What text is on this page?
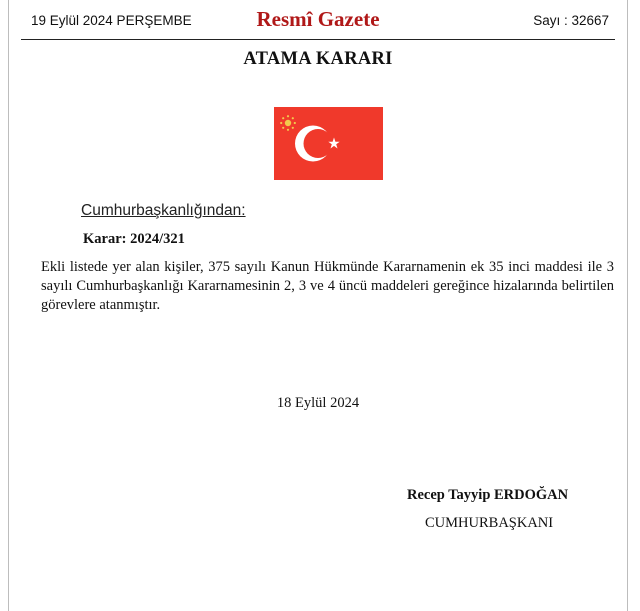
19 Eylül 2024 PERŞEMBE	Resmî Gazete	Sayı : 32667
ATAMA KARARI
Cumhurbaşkanlığından:
Karar: 2024/321
Ekli listede yer alan kişiler, 375 sayılı Kanun Hükmünde Kararnamenin ek 35 inci maddesi ile 3 sayılı Cumhurbaşkanlığı Kararnamesinin 2, 3 ve 4 üncü maddeleri gereğince hizalarında belirtilen görevlere atanmıştır.
18 Eylül 2024
Recep Tayyip ERDOĞAN
CUMHURBAŞKANI
